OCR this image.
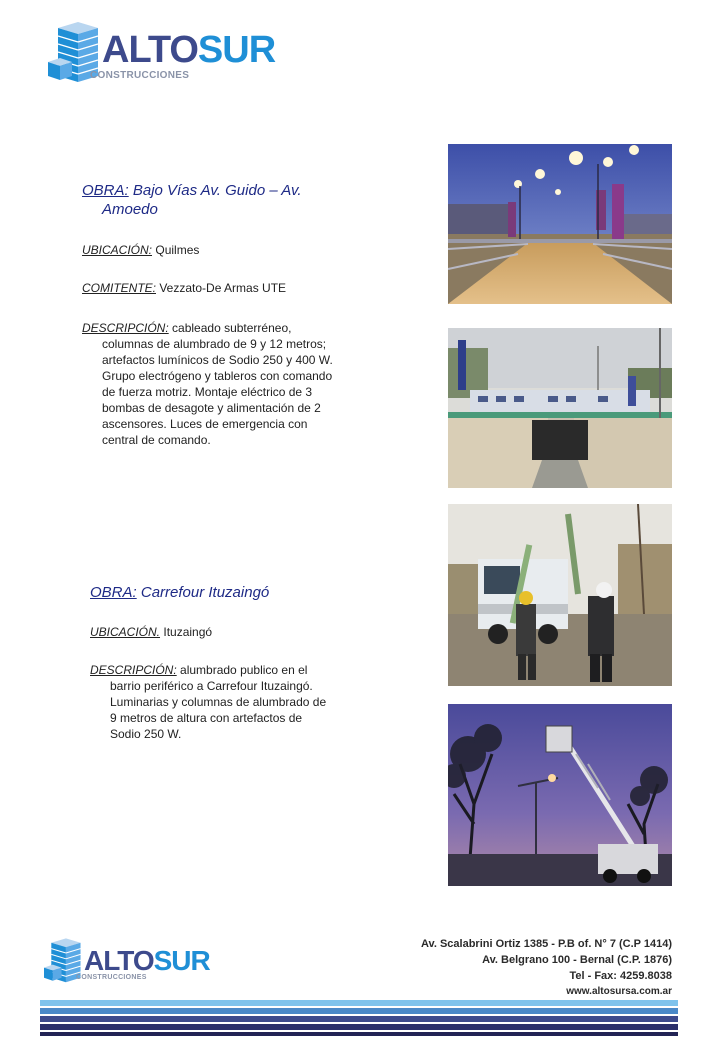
ALTOSUR
CONSTRUCCIONES
OBRA: Bajo Vías Av. Guido – Av.
Amoedo
UBICACIÓN: Quilmes
COMITENTE: Vezzato-De Armas UTE
DESCRIPCIÓN: cableado subterréneo,
columnas de alumbrado de 9 y 12 metros;
artefactos lumínicos de Sodio 250 y 400 W.
Grupo electrógeno y tableros con comando
de fuerza motriz. Montaje eléctrico de 3
bombas de desagote y alimentación de 2
ascensores. Luces de emergencia con
central de comando.
OBRA: Carrefour Ituzaingó
UBICACIÓN. Ituzaingó
DESCRIPCIÓN: alumbrado publico en el
barrio periférico a Carrefour Ituzaingó.
Luminarias y columnas de alumbrado de
9 metros de altura con artefactos de
Sodio 250 W.
ALTOSUR
CONSTRUCCIONES
Av. Scalabrini Ortiz 1385 - P.B of. N° 7 (C.P 1414)
Av. Belgrano 100 - Bernal (C.P. 1876)
Tel - Fax: 4259.8038
www.altosursa.com.ar
